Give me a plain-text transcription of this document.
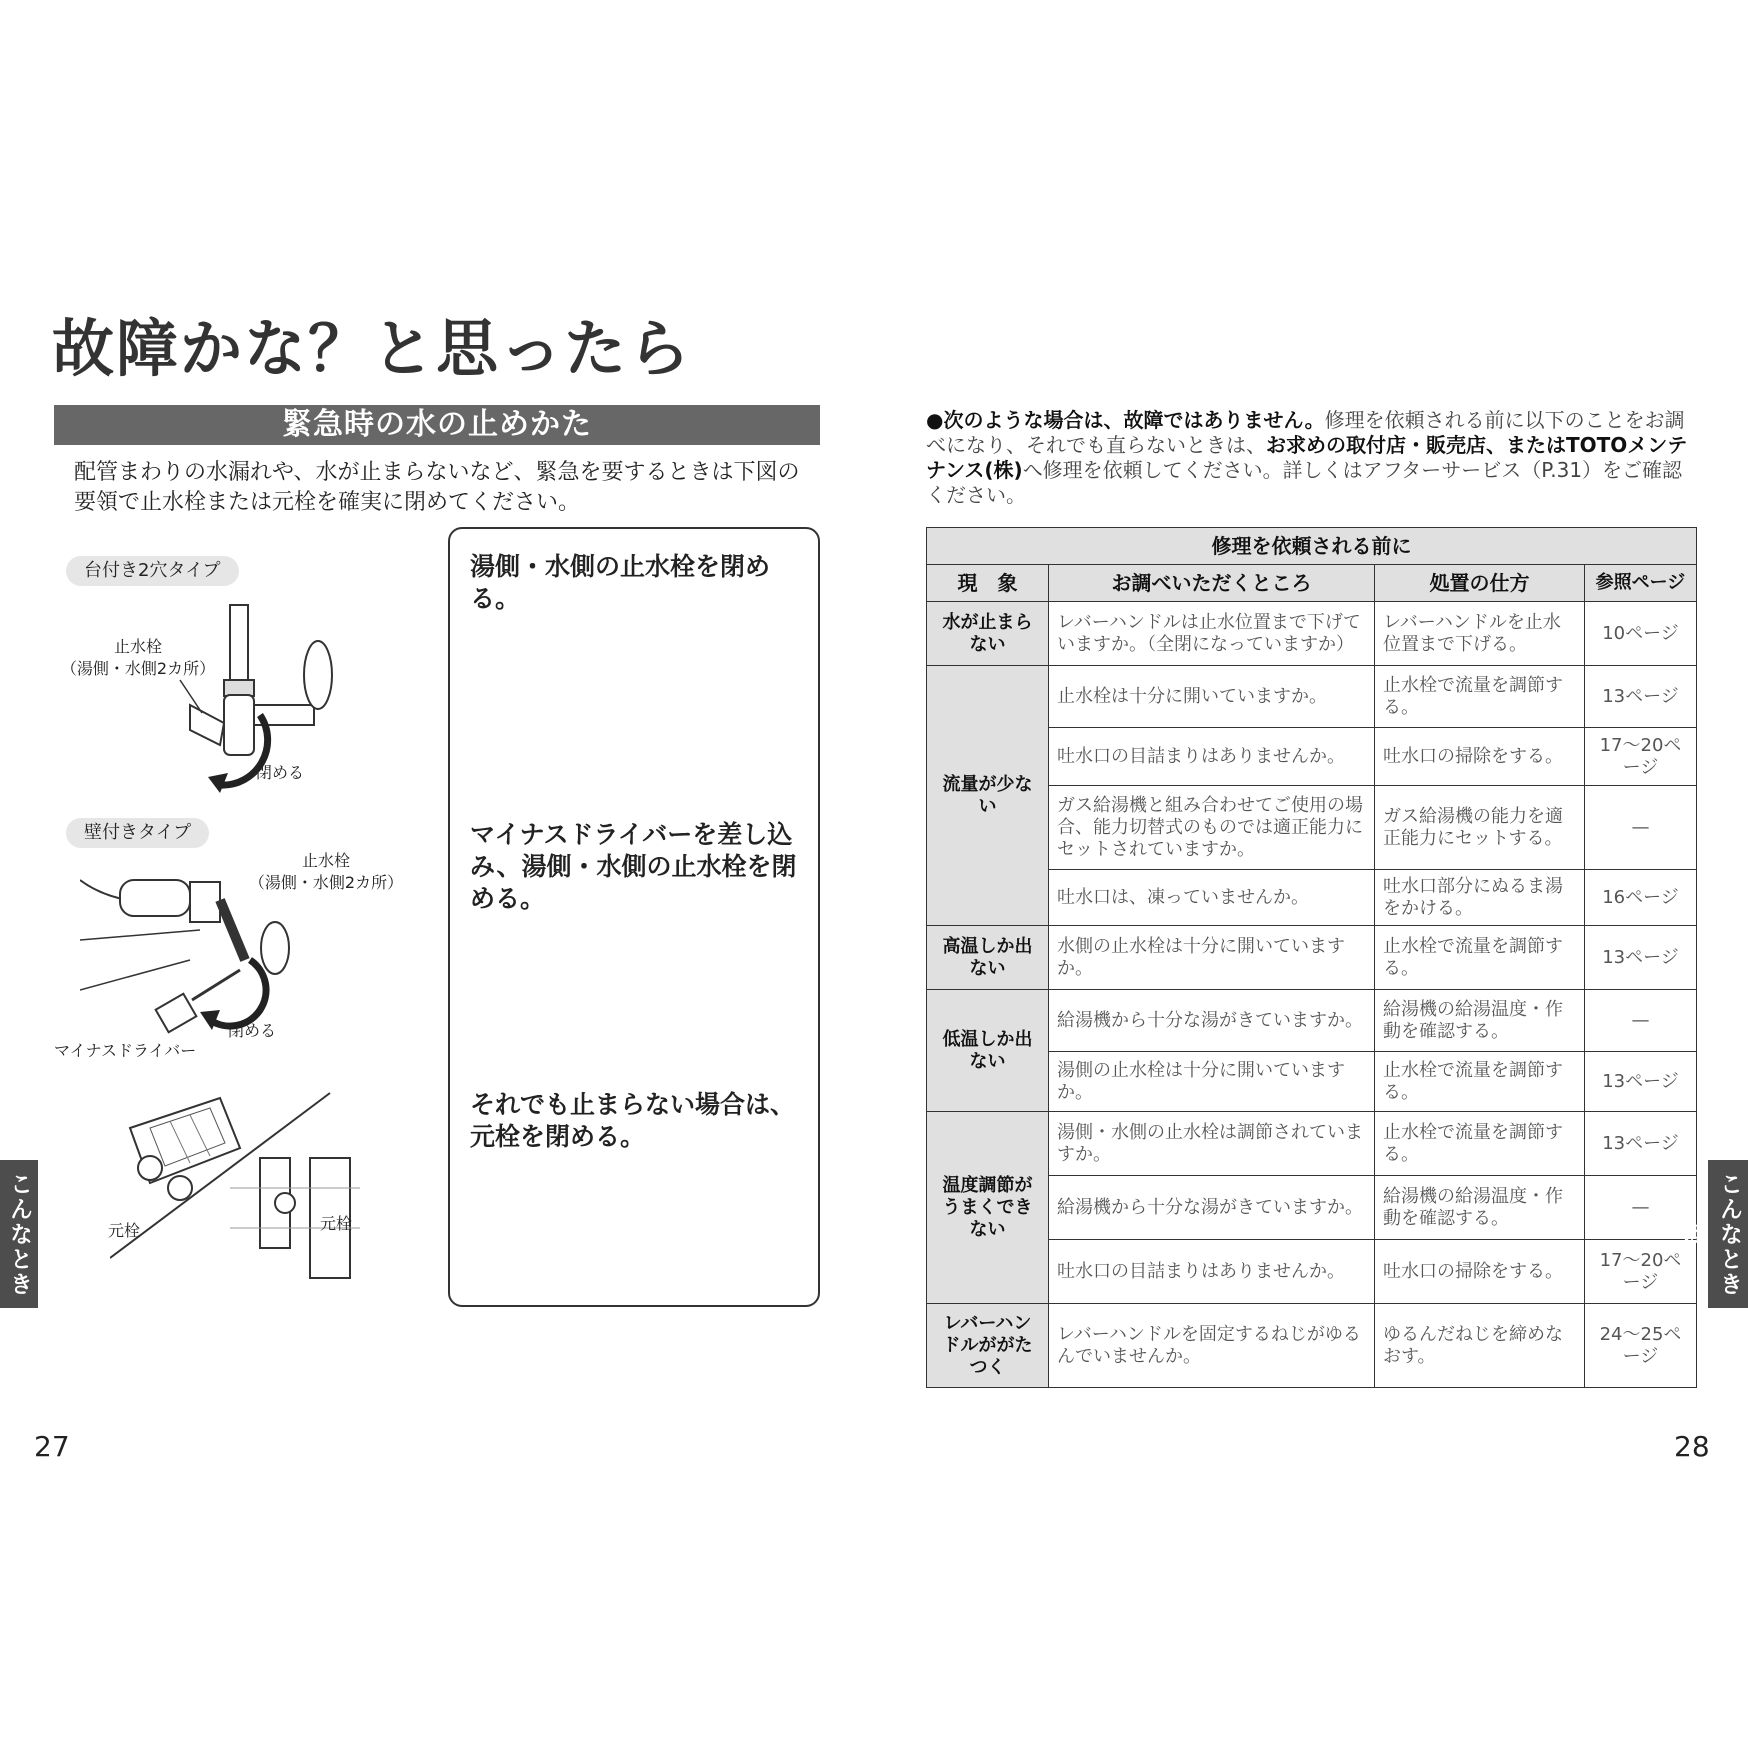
故障かな？と思ったら
緊急時の水の止めかた
配管まわりの水漏れや、水が止まらないなど、緊急を要するときは下図の要領で止水栓または元栓を確実に閉めてください。
台付き2穴タイプ
止水栓
（湯側・水側2カ所）
閉める
壁付きタイプ
止水栓
（湯側・水側2カ所）
閉める
マイナスドライバー
元栓	元栓
湯側・水側の止水栓を閉める。
マイナスドライバーを差し込み、湯側・水側の止水栓を閉める。
それでも止まらない場合は、元栓を閉める。
こんなとき
27
●次のような場合は、故障ではありません。修理を依頼される前に以下のことをお調べになり、それでも直らないときは、お求めの取付店・販売店、またはTOTOメンテナンス(株)へ修理を依頼してください。詳しくはアフターサービス（P.31）をご確認ください。
修理を依頼される前に			
現　象	お調べいただくところ	処置の仕方	参照ページ
水が止まらない	レバーハンドルは止水位置まで下げていますか。（全閉になっていますか）	レバーハンドルを止水位置まで下げる。	10ページ
流量が少ない	止水栓は十分に開いていますか。	止水栓で流量を調節する。	13ページ
	吐水口の目詰まりはありませんか。	吐水口の掃除をする。	17〜20ページ
	ガス給湯機と組み合わせてご使用の場合、能力切替式のものでは適正能力にセットされていますか。	ガス給湯機の能力を適正能力にセットする。	—
	吐水口は、凍っていませんか。	吐水口部分にぬるま湯をかける。	16ページ
高温しか出ない	水側の止水栓は十分に開いていますか。	止水栓で流量を調節する。	13ページ
低温しか出ない	給湯機から十分な湯がきていますか。	給湯機の給湯温度・作動を確認する。	—
	湯側の止水栓は十分に開いていますか。	止水栓で流量を調節する。	13ページ
温度調節がうまくできない	湯側・水側の止水栓は調節されていますか。	止水栓で流量を調節する。	13ページ
	給湯機から十分な湯がきていますか。	給湯機の給湯温度・作動を確認する。	—
	吐水口の目詰まりはありませんか。	吐水口の掃除をする。	17〜20ページ
レバーハンドルががたつく	レバーハンドルを固定するねじがゆるんでいませんか。	ゆるんだねじを締めなおす。	24〜25ページ
こんなときは
28
